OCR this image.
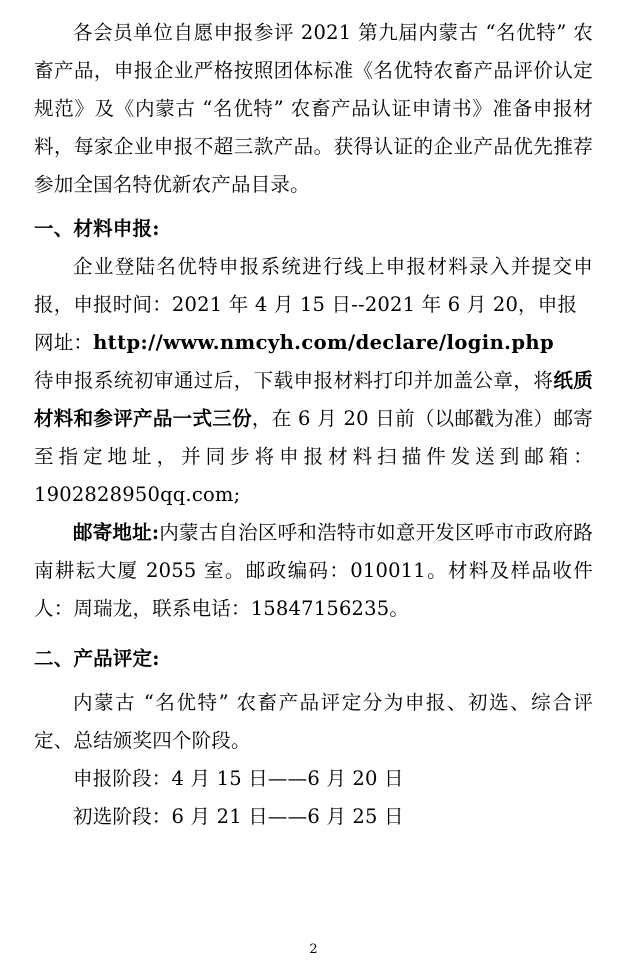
各会员单位自愿申报参评 2021 第九届内蒙古 “名优特” 农畜产品，申报企业严格按照团体标准《名优特农畜产品评价认定规范》及《内蒙古 “名优特” 农畜产品认证申请书》准备申报材料，每家企业申报不超三款产品。获得认证的企业产品优先推荐参加全国名特优新农产品目录。

一、材料申报:

企业登陆名优特申报系统进行线上申报材料录入并提交申报，申报时间：2021 年 4 月 15 日--2021 年 6 月 20，申报

网址：http://www.nmcyh.com/declare/login.php

待申报系统初审通过后，下载申报材料打印并加盖公章，将纸质材料和参评产品一式三份，在 6 月 20 日前（以邮戳为准）邮寄至指定地址，并同步将申报材料扫描件发送到邮箱：1902828950qq.com;

邮寄地址:内蒙古自治区呼和浩特市如意开发区呼市市政府路南耕耘大厦 2055 室。邮政编码：010011。材料及样品收件人：周瑞龙，联系电话：15847156235。

二、产品评定:

内蒙古 “名优特” 农畜产品评定分为申报、初选、综合评定、总结颁奖四个阶段。

申报阶段：4 月 15 日——6 月 20 日

初选阶段：6 月 21 日——6 月 25 日

2
